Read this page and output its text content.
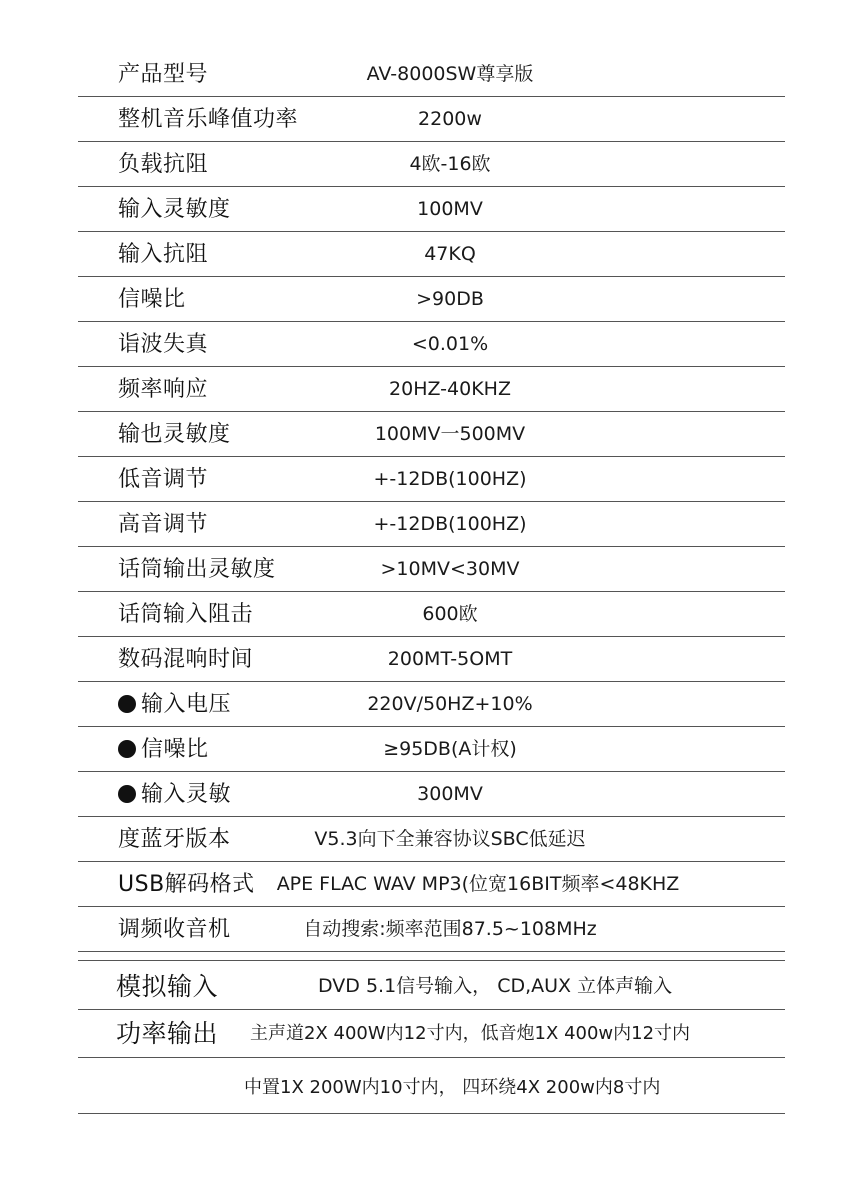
产品型号	AV-8000SW尊享版
整机音乐峰值功率	2200w
负载抗阻	4欧-16欧
输入灵敏度	100MV
输入抗阻	47KQ
信噪比	>90DB
诣波失真	<0.01%
频率响应	20HZ-40KHZ
输也灵敏度	100MV一500MV
低音调节	+-12DB(100HZ)
高音调节	+-12DB(100HZ)
话筒输出灵敏度	>10MV<30MV
话筒输入阻击	600欧
数码混响时间	200MT-5OMT
输入电压	220V/50HZ+10%
信噪比	≥95DB(A计权)
输入灵敏	300MV
度蓝牙版本	V5.3向下全兼容协议SBC低延迟
USB解码格式	APE FLAC WAV MP3(位宽16BIT频率<48KHZ
调频收音机	自动搜索:频率范围87.5~108MHz
模拟输入	DVD 5.1信号输入， CD,AUX 立体声输入
功率输出 主声道2X 400W内12寸内，低音炮1X 400w内12寸内
中置1X 200W内10寸内， 四环绕4X 200w内8寸内
